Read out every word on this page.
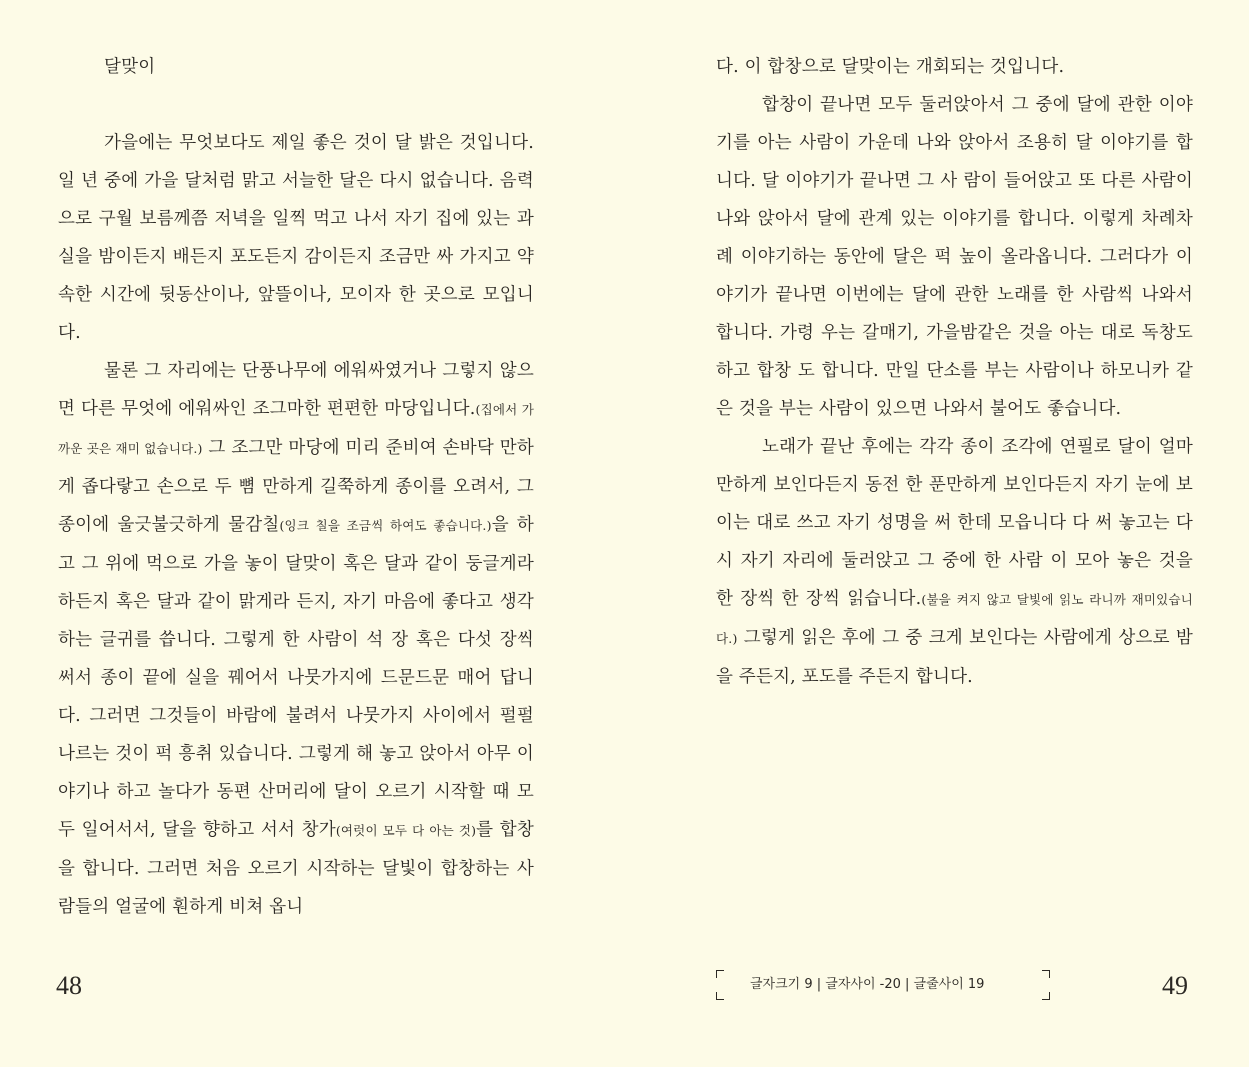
달맞이

가을에는 무엇보다도 제일 좋은 것이 달 밝은 것입니다. 일 년 중에 가을 달처럼 맑고 서늘한 달은 다시 없습니다. 음력으로 구월 보름께쯤 저녁을 일찍 먹고 나서 자기 집에 있는 과실을 밤이든지 배든지 포도든지 감이든지 조금만 싸 가지고 약속한 시간에 뒷동산이나, 앞뜰이나, 모이자 한 곳으로 모입니다.

물론 그 자리에는 단풍나무에 에워싸였거나 그렇지 않으면 다른 무엇에 에워싸인 조그마한 편편한 마당입니다.(집에서 가까운 곳은 재미 없습니다.) 그 조그만 마당에 미리 준비여 손바닥 만하게 좁다랗고 손으로 두 뼘 만하게 길쭉하게 종이를 오려서, 그 종이에 울긋불긋하게 물감칠(잉크 칠을 조금씩 하여도 좋습니다.)을 하고 그 위에 먹으로 가을 놓이 달맞이 혹은 달과 같이 둥글게라 하든지 혹은 달과 같이 맑게라 든지, 자기 마음에 좋다고 생각하는 글귀를 씁니다. 그렇게 한 사람이 석 장 혹은 다섯 장씩 써서 종이 끝에 실을 꿰어서 나뭇가지에 드문드문 매어 답니다. 그러면 그것들이 바람에 불려서 나뭇가지 사이에서 펄펄 나르는 것이 퍽 흥취 있습니다. 그렇게 해 놓고 앉아서 아무 이야기나 하고 놀다가 동편 산머리에 달이 오르기 시작할 때 모두 일어서서, 달을 향하고 서서 창가(여럿이 모두 다 아는 것)를 합창을 합니다. 그러면 처음 오르기 시작하는 달빛이 합창하는 사람들의 얼굴에 훤하게 비쳐 옵니

48

다. 이 합창으로 달맞이는 개회되는 것입니다.

합창이 끝나면 모두 둘러앉아서 그 중에 달에 관한 이야기를 아는 사람이 가운데 나와 앉아서 조용히 달 이야기를 합니다. 달 이야기가 끝나면 그 사 람이 들어앉고 또 다른 사람이 나와 앉아서 달에 관계 있는 이야기를 합니다. 이렇게 차례차례 이야기하는 동안에 달은 퍽 높이 올라옵니다. 그러다가 이야기가 끝나면 이번에는 달에 관한 노래를 한 사람씩 나와서 합니다. 가령 우는 갈매기, 가을밤같은 것을 아는 대로 독창도 하고 합창 도 합니다. 만일 단소를 부는 사람이나 하모니카 같은 것을 부는 사람이 있으면 나와서 불어도 좋습니다.

노래가 끝난 후에는 각각 종이 조각에 연필로 달이 얼마만하게 보인다든지 동전 한 푼만하게 보인다든지 자기 눈에 보이는 대로 쓰고 자기 성명을 써 한데 모읍니다 다 써 놓고는 다시 자기 자리에 둘러앉고 그 중에 한 사람 이 모아 놓은 것을 한 장씩 한 장씩 읽습니다.(불을 켜지 않고 달빛에 읽노 라니까 재미있습니다.) 그렇게 읽은 후에 그 중 크게 보인다는 사람에게 상으로 밤을 주든지, 포도를 주든지 합니다.

글자크기 9 | 글자사이 -20 | 글줄사이 19	49
